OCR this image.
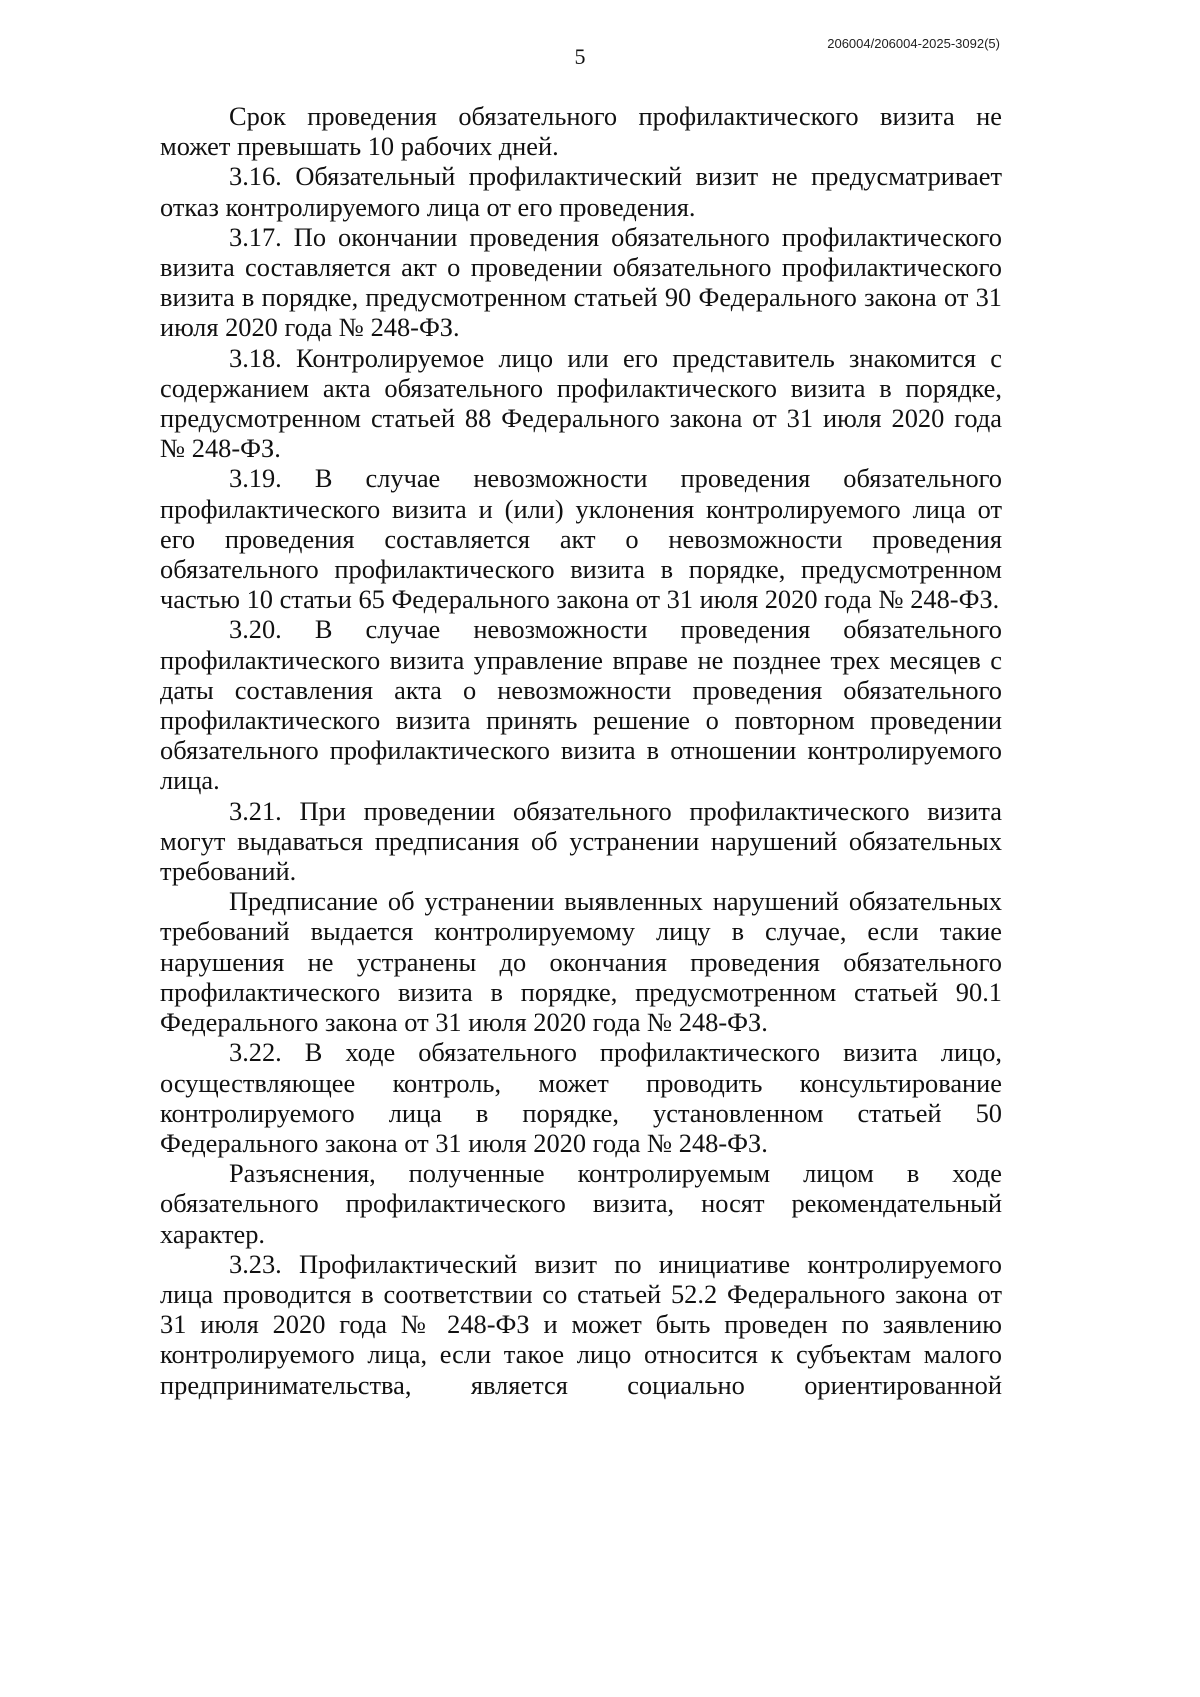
206004/206004-2025-3092(5)
5

Срок проведения обязательного профилактического визита не может превышать 10 рабочих дней.

3.16. Обязательный профилактический визит не предусматривает отказ контролируемого лица от его проведения.

3.17. По окончании проведения обязательного профилактического визита составляется акт о проведении обязательного профилактического визита в порядке, предусмотренном статьей 90 Федерального закона от 31 июля 2020 года № 248-ФЗ.

3.18. Контролируемое лицо или его представитель знакомится с содержанием акта обязательного профилактического визита в порядке, предусмотренном статьей 88 Федерального закона от 31 июля 2020 года № 248-ФЗ.

3.19. В случае невозможности проведения обязательного профилактического визита и (или) уклонения контролируемого лица от его проведения составляется акт о невозможности проведения обязательного профилактического визита в порядке, предусмотренном частью 10 статьи 65 Федерального закона от 31 июля 2020 года № 248-ФЗ.

3.20. В случае невозможности проведения обязательного профилактического визита управление вправе не позднее трех месяцев с даты составления акта о невозможности проведения обязательного профилактического визита принять решение о повторном проведении обязательного профилактического визита в отношении контролируемого лица.

3.21. При проведении обязательного профилактического визита могут выдаваться предписания об устранении нарушений обязательных требований.

Предписание об устранении выявленных нарушений обязательных требований выдается контролируемому лицу в случае, если такие нарушения не устранены до окончания проведения обязательного профилактического визита в порядке, предусмотренном статьей 90.1 Федерального закона от 31 июля 2020 года № 248-ФЗ.

3.22. В ходе обязательного профилактического визита лицо, осуществляющее контроль, может проводить консультирование контролируемого лица в порядке, установленном статьей 50 Федерального закона от 31 июля 2020 года № 248-ФЗ.

Разъяснения, полученные контролируемым лицом в ходе обязательного профилактического визита, носят рекомендательный характер.

3.23. Профилактический визит по инициативе контролируемого лица проводится в соответствии со статьей 52.2 Федерального закона от 31 июля 2020 года № 248-ФЗ и может быть проведен по заявлению контролируемого лица, если такое лицо относится к субъектам малого предпринимательства, является социально ориентированной
